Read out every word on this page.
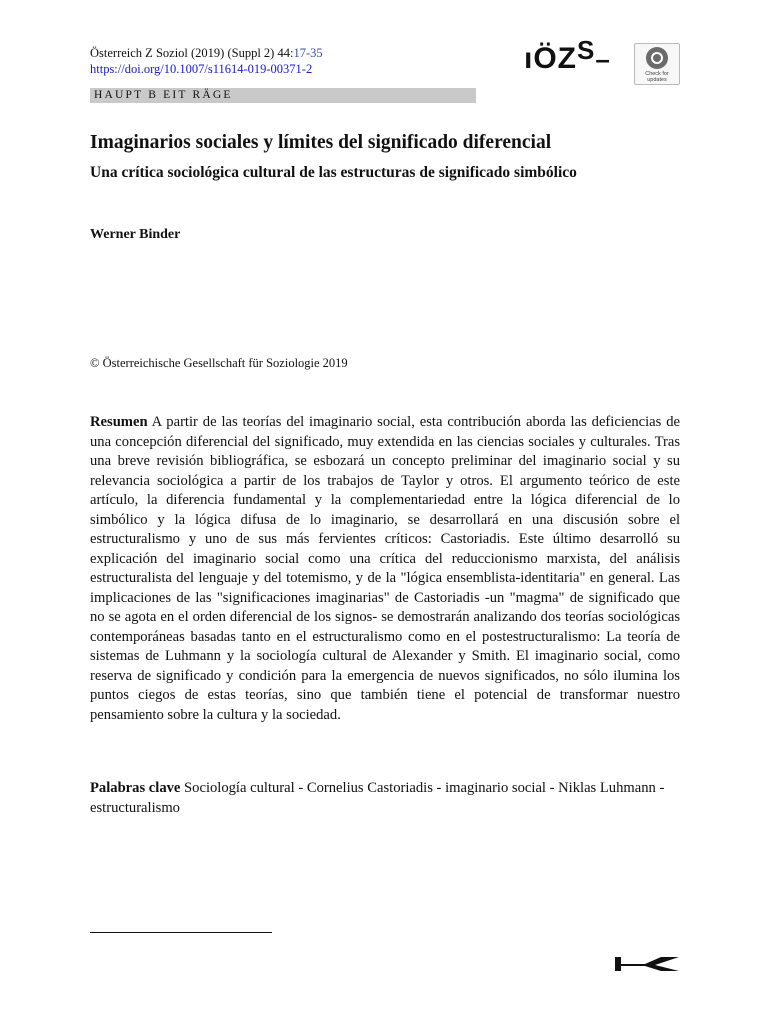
Österreich Z Soziol (2019) (Suppl 2) 44:17-35
https://doi.org/10.1007/s11614-019-00371-2	ıÖZS–	Check for updates
HAUPT B EIT RÄGE
Imaginarios sociales y límites del significado diferencial
Una crítica sociológica cultural de las estructuras de significado simbólico
Werner Binder
© Österreichische Gesellschaft für Soziologie 2019
Resumen A partir de las teorías del imaginario social, esta contribución aborda las deficiencias de una concepción diferencial del significado, muy extendida en las ciencias sociales y culturales. Tras una breve revisión bibliográfica, se esbozará un concepto preliminar del imaginario social y su relevancia sociológica a partir de los trabajos de Taylor y otros. El argumento teórico de este artículo, la diferencia fundamental y la complementariedad entre la lógica diferencial de lo simbólico y la lógica difusa de lo imaginario, se desarrollará en una discusión sobre el estructuralismo y uno de sus más fervientes críticos: Castoriadis. Este último desarrolló su explicación del imaginario social como una crítica del reduccionismo marxista, del análisis estructuralista del lenguaje y del totemismo, y de la "lógica ensemblista-identitaria" en general. Las implicaciones de las "significaciones imaginarias" de Castoriadis -un "magma" de significado que no se agota en el orden diferencial de los signos- se demostrarán analizando dos teorías sociológicas contemporáneas basadas tanto en el estructuralismo como en el postestructuralismo: La teoría de sistemas de Luhmann y la sociología cultural de Alexander y Smith. El imaginario social, como reserva de significado y condición para la emergencia de nuevos significados, no sólo ilumina los puntos ciegos de estas teorías, sino que también tiene el potencial de transformar nuestro pensamiento sobre la cultura y la sociedad.
Palabras clave Sociología cultural - Cornelius Castoriadis - imaginario social - Niklas Luhmann - estructuralismo
